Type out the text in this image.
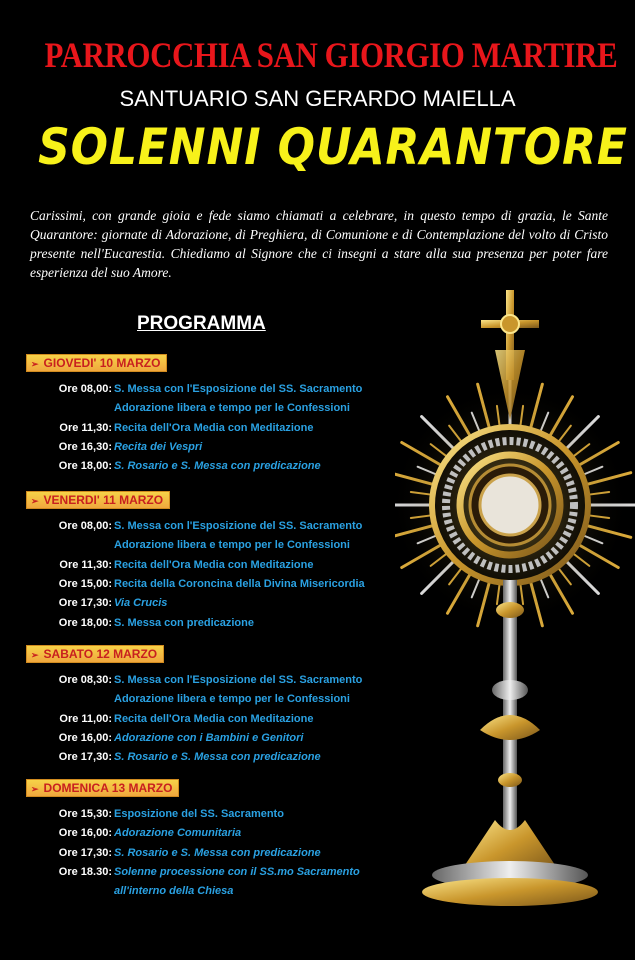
PARROCCHIA SAN GIORGIO MARTIRE
SANTUARIO SAN GERARDO MAIELLA
SOLENNI QUARANTORE
Carissimi, con grande gioia e fede siamo chiamati a celebrare, in questo tempo di grazia, le Sante Quarantore: giornate di Adorazione, di Preghiera, di Comunione e di Contemplazione del volto di Cristo presente nell'Eucarestia. Chiediamo al Signore che ci insegni a stare alla sua presenza per poter fare esperienza del suo Amore.
PROGRAMMA
➢ GIOVEDI' 10 MARZO
Ore 08,00: S. Messa con l'Esposizione del SS. Sacramento
Adorazione libera e tempo per le Confessioni
Ore 11,30: Recita dell'Ora Media con Meditazione
Ore 16,30: Recita dei Vespri
Ore 18,00: S. Rosario e S. Messa con predicazione
➢ VENERDI' 11 MARZO
Ore 08,00: S. Messa con l'Esposizione del SS. Sacramento
Adorazione libera e tempo per le Confessioni
Ore 11,30: Recita dell'Ora Media con Meditazione
Ore 15,00: Recita della Coroncina della Divina Misericordia
Ore 17,30: Via Crucis
Ore 18,00: S. Messa con predicazione
➢ SABATO 12 MARZO
Ore 08,30: S. Messa con l'Esposizione del SS. Sacramento
Adorazione libera e tempo per le Confessioni
Ore 11,00: Recita dell'Ora Media con Meditazione
Ore 16,00: Adorazione con i Bambini e Genitori
Ore 17,30: S. Rosario e S. Messa con predicazione
➢ DOMENICA 13 MARZO
Ore 15,30: Esposizione del SS. Sacramento
Ore 16,00: Adorazione Comunitaria
Ore 17,30: S. Rosario e S. Messa con predicazione
Ore 18.30: Solenne processione con il SS.mo Sacramento
all'interno della Chiesa
